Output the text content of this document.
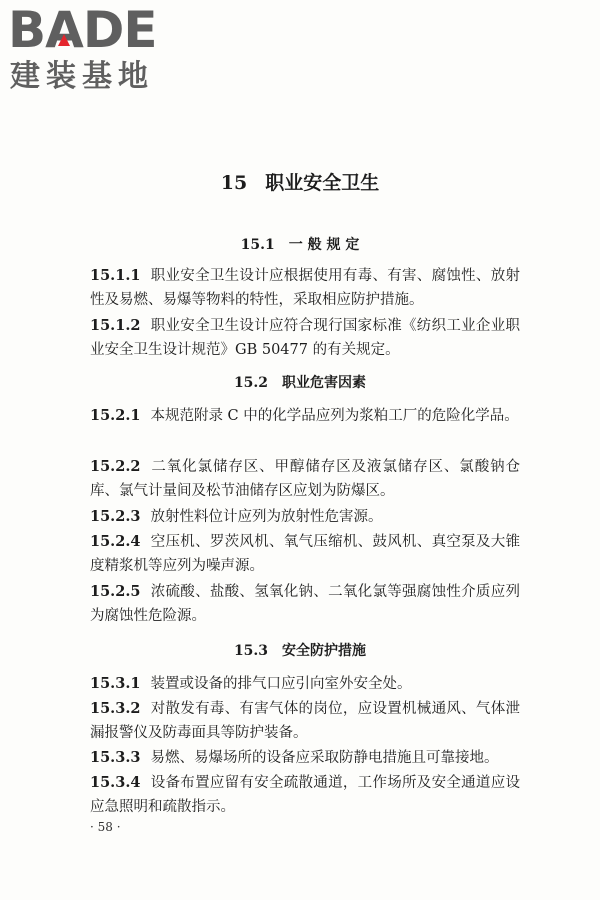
BADE
建装基地
15 职业安全卫生
15.1 一 般 规 定
15.1.1 职业安全卫生设计应根据使用有毒、有害、腐蚀性、放射性及易燃、易爆等物料的特性，采取相应防护措施。
15.1.2 职业安全卫生设计应符合现行国家标准《纺织工业企业职业安全卫生设计规范》GB 50477 的有关规定。
15.2 职业危害因素
15.2.1 本规范附录 C 中的化学品应列为浆粕工厂的危险化学品。
15.2.2 二氧化氯储存区、甲醇储存区及液氯储存区、氯酸钠仓库、氯气计量间及松节油储存区应划为防爆区。
15.2.3 放射性料位计应列为放射性危害源。
15.2.4 空压机、罗茨风机、氧气压缩机、鼓风机、真空泵及大锥度精浆机等应列为噪声源。
15.2.5 浓硫酸、盐酸、氢氧化钠、二氧化氯等强腐蚀性介质应列为腐蚀性危险源。
15.3 安全防护措施
15.3.1 装置或设备的排气口应引向室外安全处。
15.3.2 对散发有毒、有害气体的岗位，应设置机械通风、气体泄漏报警仪及防毒面具等防护装备。
15.3.3 易燃、易爆场所的设备应采取防静电措施且可靠接地。
15.3.4 设备布置应留有安全疏散通道，工作场所及安全通道应设应急照明和疏散指示。
· 58 ·
